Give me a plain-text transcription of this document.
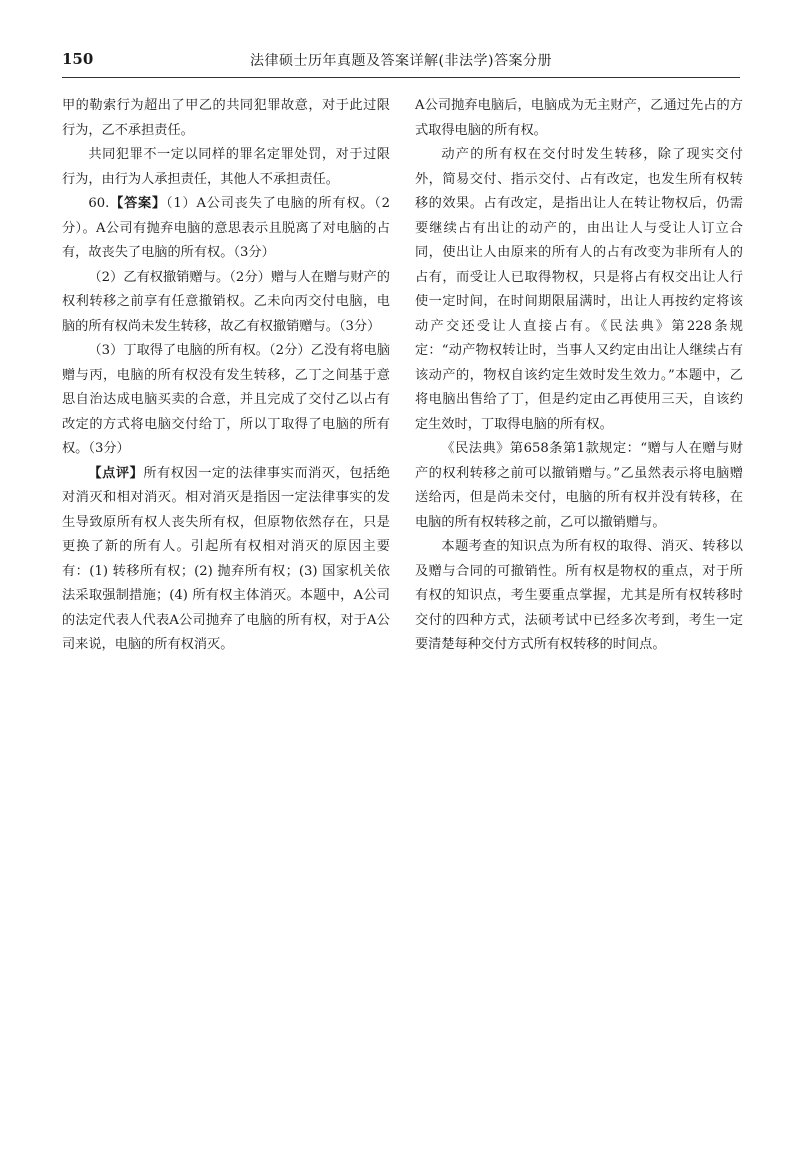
150	法律硕士历年真题及答案详解(非法学)答案分册

甲的勒索行为超出了甲乙的共同犯罪故意，对于此过限行为，乙不承担责任。

共同犯罪不一定以同样的罪名定罪处罚，对于过限行为，由行为人承担责任，其他人不承担责任。

60.【答案】（1）A公司丧失了电脑的所有权。（2分）。A公司有抛弃电脑的意思表示且脱离了对电脑的占有，故丧失了电脑的所有权。（3分）

（2）乙有权撤销赠与。（2分）赠与人在赠与财产的权利转移之前享有任意撤销权。乙未向丙交付电脑，电脑的所有权尚未发生转移，故乙有权撤销赠与。（3分）

（3）丁取得了电脑的所有权。（2分）乙没有将电脑赠与丙，电脑的所有权没有发生转移，乙丁之间基于意思自治达成电脑买卖的合意，并且完成了交付乙以占有改定的方式将电脑交付给丁，所以丁取得了电脑的所有权。（3分）

【点评】所有权因一定的法律事实而消灭，包括绝对消灭和相对消灭。相对消灭是指因一定法律事实的发生导致原所有权人丧失所有权，但原物依然存在，只是更换了新的所有人。引起所有权相对消灭的原因主要有：(1) 转移所有权；(2) 抛弃所有权；(3) 国家机关依法采取强制措施；(4) 所有权主体消灭。本题中，A公司的法定代表人代表A公司抛弃了电脑的所有权，对于A公司来说，电脑的所有权消灭。

A公司抛弃电脑后，电脑成为无主财产，乙通过先占的方式取得电脑的所有权。

动产的所有权在交付时发生转移，除了现实交付外，简易交付、指示交付、占有改定，也发生所有权转移的效果。占有改定，是指出让人在转让物权后，仍需要继续占有出让的动产的，由出让人与受让人订立合同，使出让人由原来的所有人的占有改变为非所有人的占有，而受让人已取得物权，只是将占有权交出让人行使一定时间，在时间期限届满时，出让人再按约定将该动产交还受让人直接占有。《民法典》第228条规定：“动产物权转让时，当事人又约定由出让人继续占有该动产的，物权自该约定生效时发生效力。”本题中，乙将电脑出售给了丁，但是约定由乙再使用三天，自该约定生效时，丁取得电脑的所有权。

《民法典》第658条第1款规定：“赠与人在赠与财产的权利转移之前可以撤销赠与。”乙虽然表示将电脑赠送给丙，但是尚未交付，电脑的所有权并没有转移，在电脑的所有权转移之前，乙可以撤销赠与。

本题考查的知识点为所有权的取得、消灭、转移以及赠与合同的可撤销性。所有权是物权的重点，对于所有权的知识点，考生要重点掌握，尤其是所有权转移时交付的四种方式，法硕考试中已经多次考到，考生一定要清楚每种交付方式所有权转移的时间点。
